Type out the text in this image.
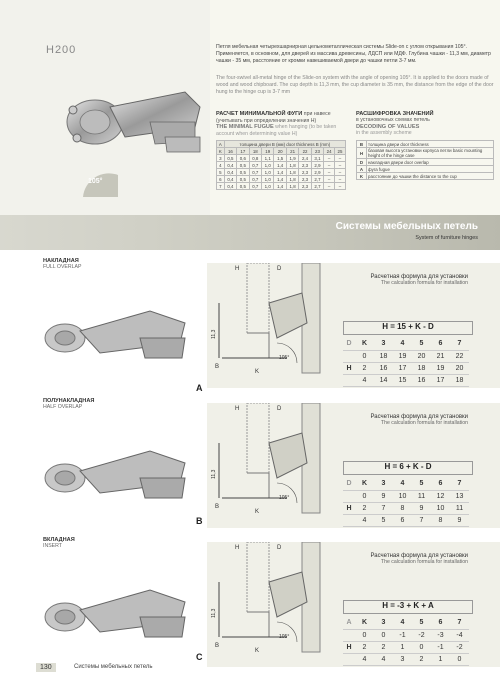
H200
105°
Петля мебельная четырехшарнирная цельнометаллическая системы Slide-on с углом открывания 105°. Применяется, в основном, для дверей из массива древесины, ЛДСП или МДФ. Глубина чашки - 11,3 мм, диаметр чашки - 35 мм, расстояние от кромки навешиваемой двери до чашки петли 3-7 мм.
The four-swivel all-metal hinge of the Slide-on system with the angle of opening 105°. It is applied to the doors made of wood and wood chipboard. The cup depth is 11,3 mm, the cup diameter is 35 mm, the distance from the edge of the door hung to the hinge cup is 3-7 mm
РАСЧЕТ МИНИМАЛЬНОЙ ФУГИ при навесе (учитывать при определении значения H)
THE MINIMAL FUGUE when hanging (to be taken account when determining value H)
A	толщина двери B (мм) door thickness B (mm)									
K	16	17	18	19	20	21	22	23	24	25
3	0,5	0,6	0,8	1,1	1,5	1,9	2,4	3,1	–	–
4	0,4	0,5	0,7	1,0	1,4	1,8	2,3	2,9	–	–
5	0,4	0,5	0,7	1,0	1,4	1,8	2,3	2,9	–	–
6	0,4	0,5	0,7	1,0	1,4	1,8	2,3	2,7	–	–
7	0,4	0,5	0,7	1,0	1,4	1,8	2,3	2,7	–	–
РАСШИФРОВКА ЗНАЧЕНИЙ
в установочных схемах петель
DECODING OF VALUES
in the assembly scheme
B	толщина двери door thickness
H	базовая высота установки корпуса петли basic mounting height of the hinge case
D	накладная двери door overlap
A	фуга fugue
K	расстояние до чашки the distance to the cup
Системы мебельных петель
System of furniture hinges
НАКЛАДНАЯ
FULL OVERLAP
A
11,3
H	D
B
K
105°
Расчетная формула для установки
The calculation formula for installation
H = 15 + K - D
D	K	3	4	5	6	7
	0	18	19	20	21	22
H	2	16	17	18	19	20
	4	14	15	16	17	18
ПОЛУНАКЛАДНАЯ
HALF OVERLAP
B
11,3
H	D
B
K
105°
Расчетная формула для установки
The calculation formula for installation
H = 6 + K - D
D	K	3	4	5	6	7
	0	9	10	11	12	13
H	2	7	8	9	10	11
	4	5	6	7	8	9
ВКЛАДНАЯ
INSERT
C
11,3
H	D
B
K
105°
Расчетная формула для установки
The calculation formula for installation
H = -3 + K + A
A	K	3	4	5	6	7
	0	0	-1	-2	-3	-4
H	2	2	1	0	-1	-2
	4	4	3	2	1	0
130	Системы мебельных петель
